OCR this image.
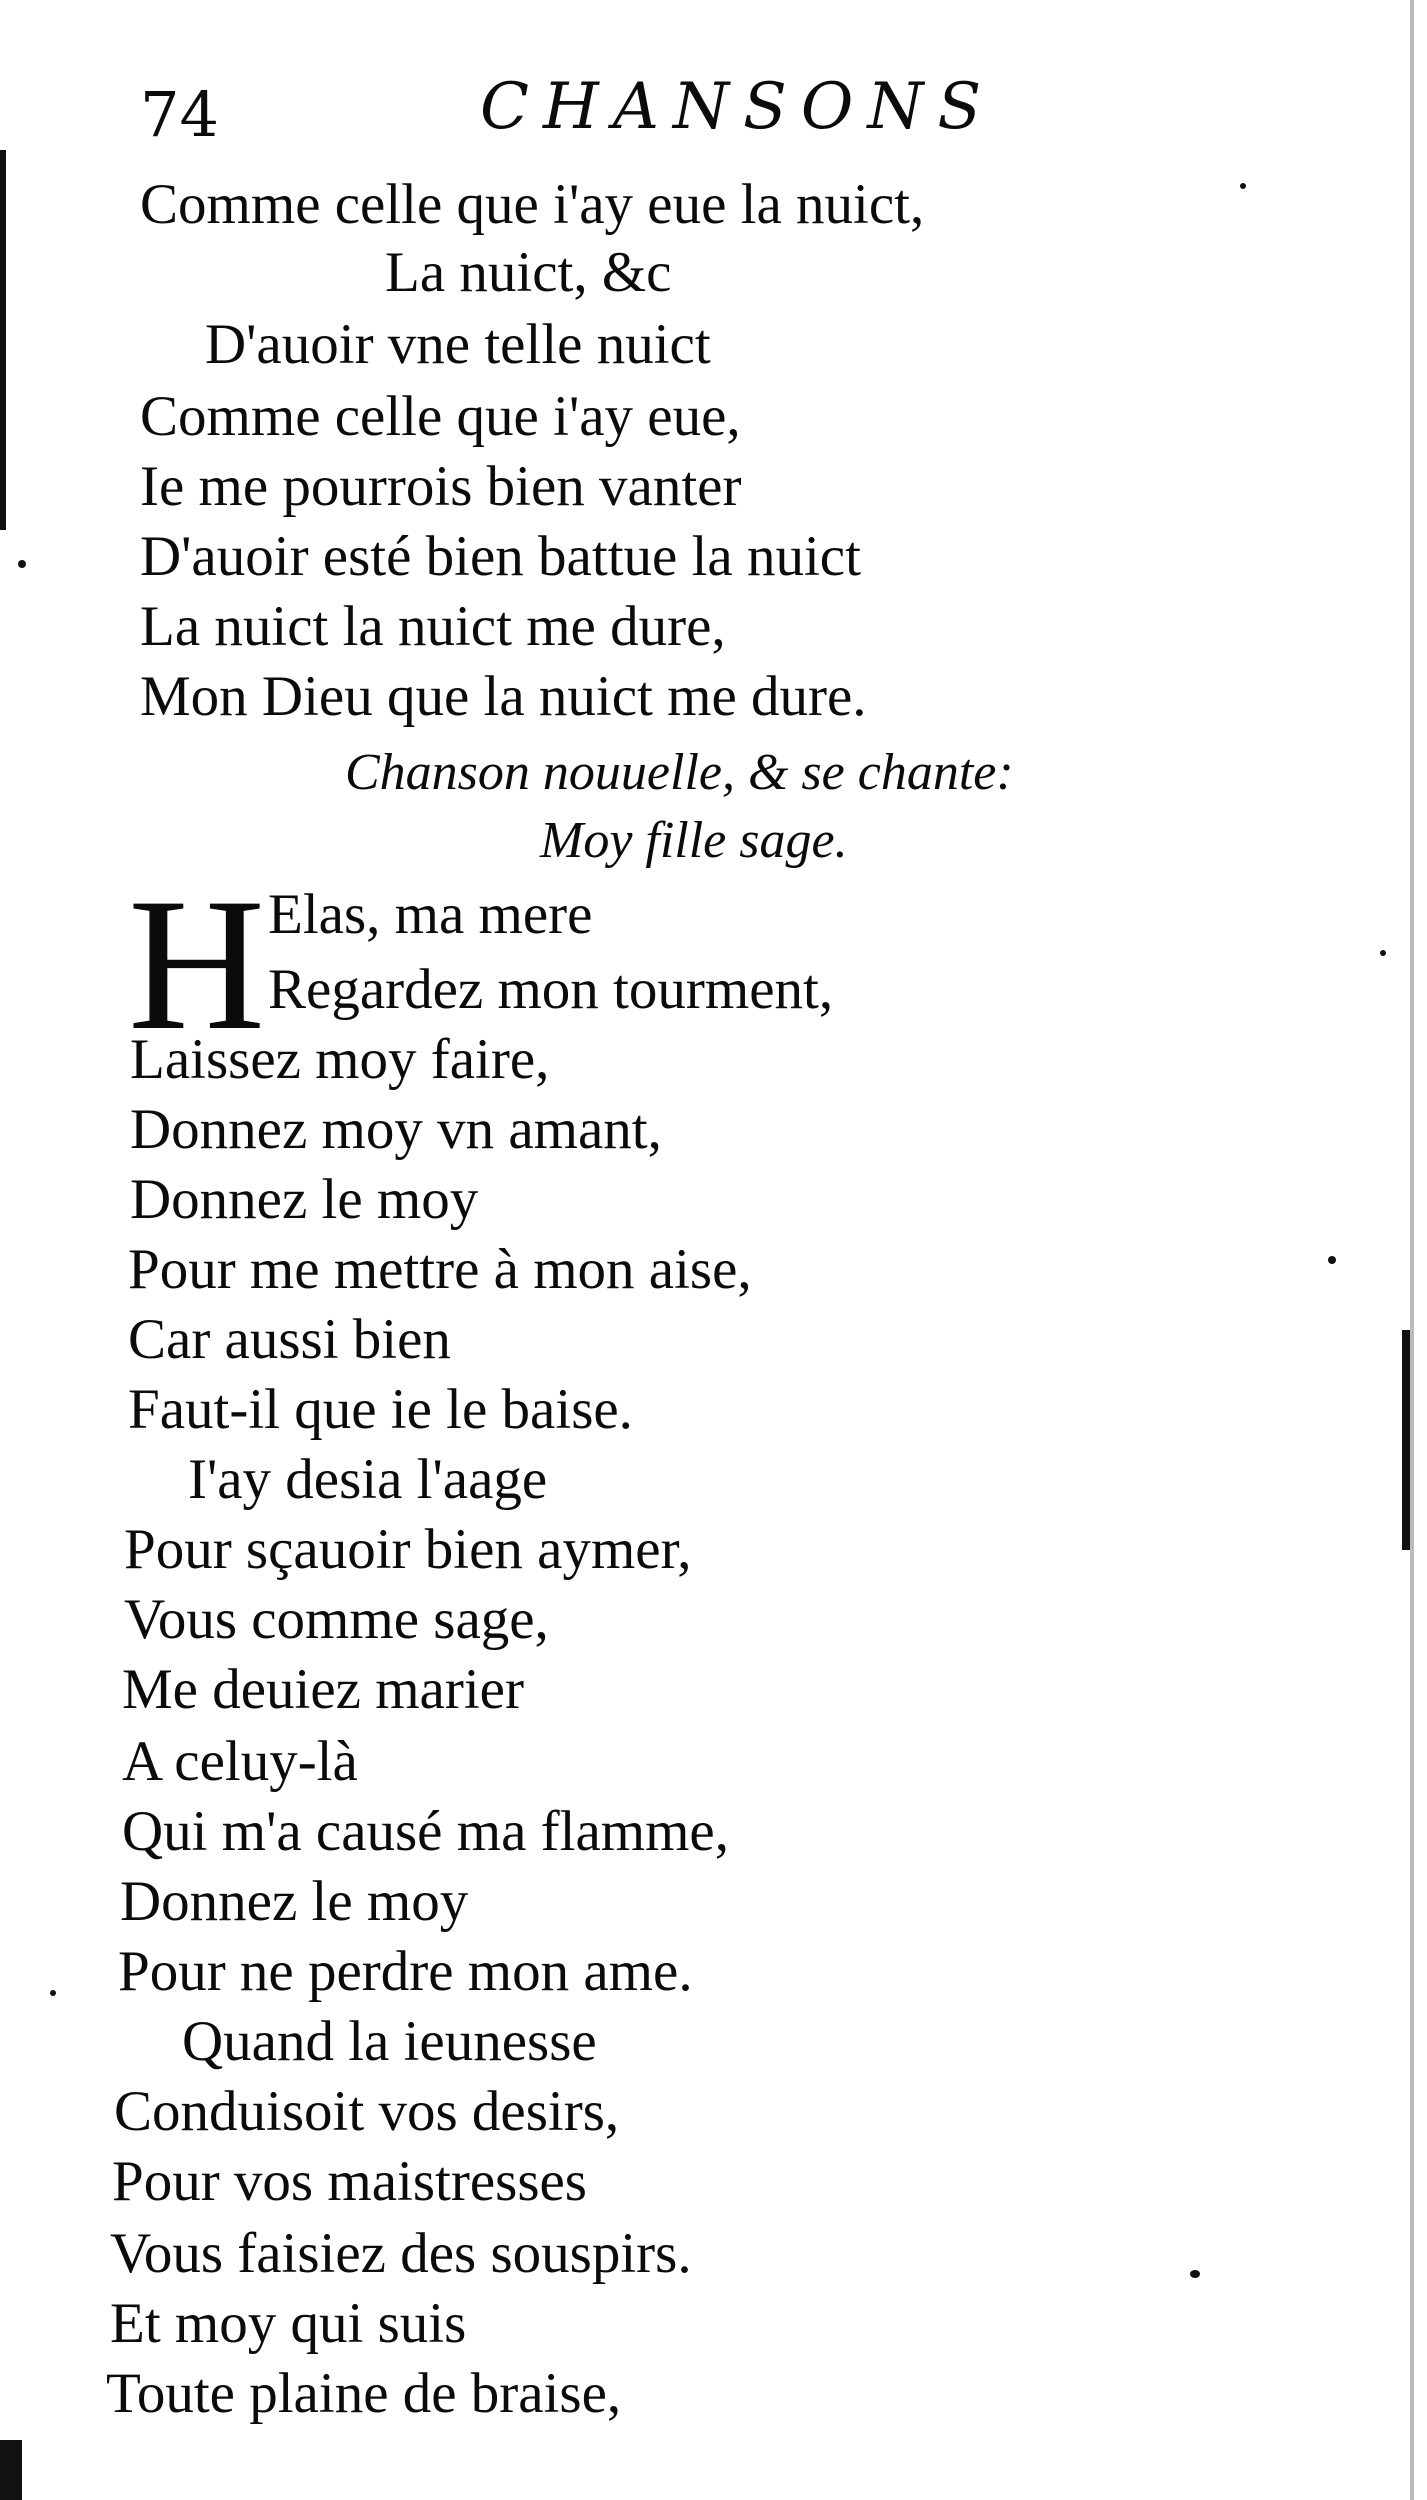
74	CHANSONS
Comme celle que i'ay eue la nuict,
La nuict, &c
D'auoir vne telle nuict
Comme celle que i'ay eue,
Ie me pourrois bien vanter
D'auoir esté bien battue la nuict
La nuict la nuict me dure,
Mon Dieu que la nuict me dure.
Chanson nouuelle, & se chante:
Moy fille sage.
H Elas, ma mere
Regardez mon tourment,
Laissez moy faire,
Donnez moy vn amant,
Donnez le moy
Pour me mettre à mon aise,
Car aussi bien
Faut-il que ie le baise.
I'ay desia l'aage
Pour sçauoir bien aymer,
Vous comme sage,
Me deuiez marier
A celuy-là
Qui m'a causé ma flamme,
Donnez le moy
Pour ne perdre mon ame.
Quand la ieunesse
Conduisoit vos desirs,
Pour vos maistresses
Vous faisiez des souspirs.
Et moy qui suis
Toute plaine de braise,
